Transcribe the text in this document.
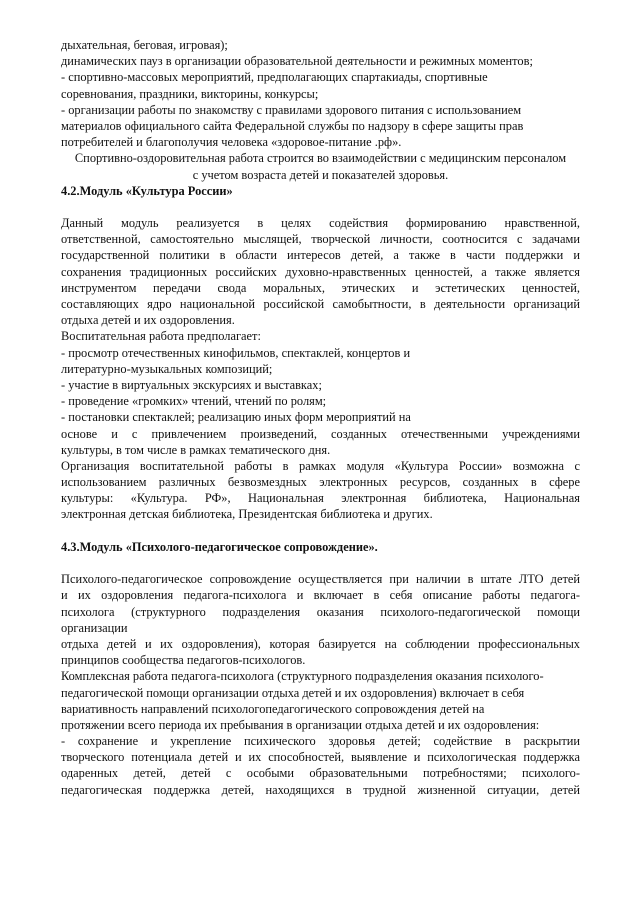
дыхательная, беговая, игровая);
динамических пауз в организации образовательной деятельности и режимных моментов;
- спортивно-массовых мероприятий, предполагающих спартакиады, спортивные
соревнования, праздники, викторины, конкурсы;
- организации работы по знакомству с правилами здорового питания с использованием
материалов официального сайта Федеральной службы по надзору в сфере защиты прав
потребителей и благополучия человека «здоровое-питание .рф».
Спортивно-оздоровительная работа строится во взаимодействии с медицинским персоналом
с учетом возраста детей и показателей здоровья.
4.2.Модуль «Культура России»
Данный модуль реализуется в целях содействия формированию нравственной,
ответственной, самостоятельно мыслящей, творческой личности, соотносится с задачами
государственной политики в области интересов детей, а также в части поддержки и
сохранения традиционных российских духовно-нравственных ценностей, а также является
инструментом передачи свода моральных, этических и эстетических ценностей,
составляющих ядро национальной российской самобытности, в деятельности организаций
отдыха детей и их оздоровления.
Воспитательная работа предполагает:
- просмотр отечественных кинофильмов, спектаклей, концертов и
литературно-музыкальных композиций;
- участие в виртуальных экскурсиях и выставках;
- проведение «громких» чтений, чтений по ролям;
- постановки спектаклей; реализацию иных форм мероприятий на
основе и с привлечением произведений, созданных отечественными учреждениями
культуры, в том числе в рамках тематического дня.
Организация воспитательной работы в рамках модуля «Культура России» возможна с
использованием различных безвозмездных электронных ресурсов, созданных в сфере
культуры: «Культура. РФ», Национальная электронная библиотека, Национальная
электронная детская библиотека, Президентская библиотека и других.
4.3.Модуль «Психолого-педагогическое сопровождение».
Психолого-педагогическое сопровождение осуществляется при наличии в штате ЛТО детей
и их оздоровления педагога-психолога и включает в себя описание работы педагога-
психолога (структурного подразделения оказания психолого-педагогической помощи
организации
отдыха детей и их оздоровления), которая базируется на соблюдении профессиональных
принципов сообщества педагогов-психологов.
Комплексная работа педагога-психолога (структурного подразделения оказания психолого-
педагогической помощи организации отдыха детей и их оздоровления) включает в себя
вариативность направлений психологопедагогического сопровождения детей на
протяжении всего периода их пребывания в организации отдыха детей и их оздоровления:
- сохранение и укрепление психического здоровья детей; содействие в раскрытии
творческого потенциала детей и их способностей, выявление и психологическая поддержка
одаренных детей, детей с особыми образовательными потребностями; психолого-
педагогическая поддержка детей, находящихся в трудной жизненной ситуации, детей
